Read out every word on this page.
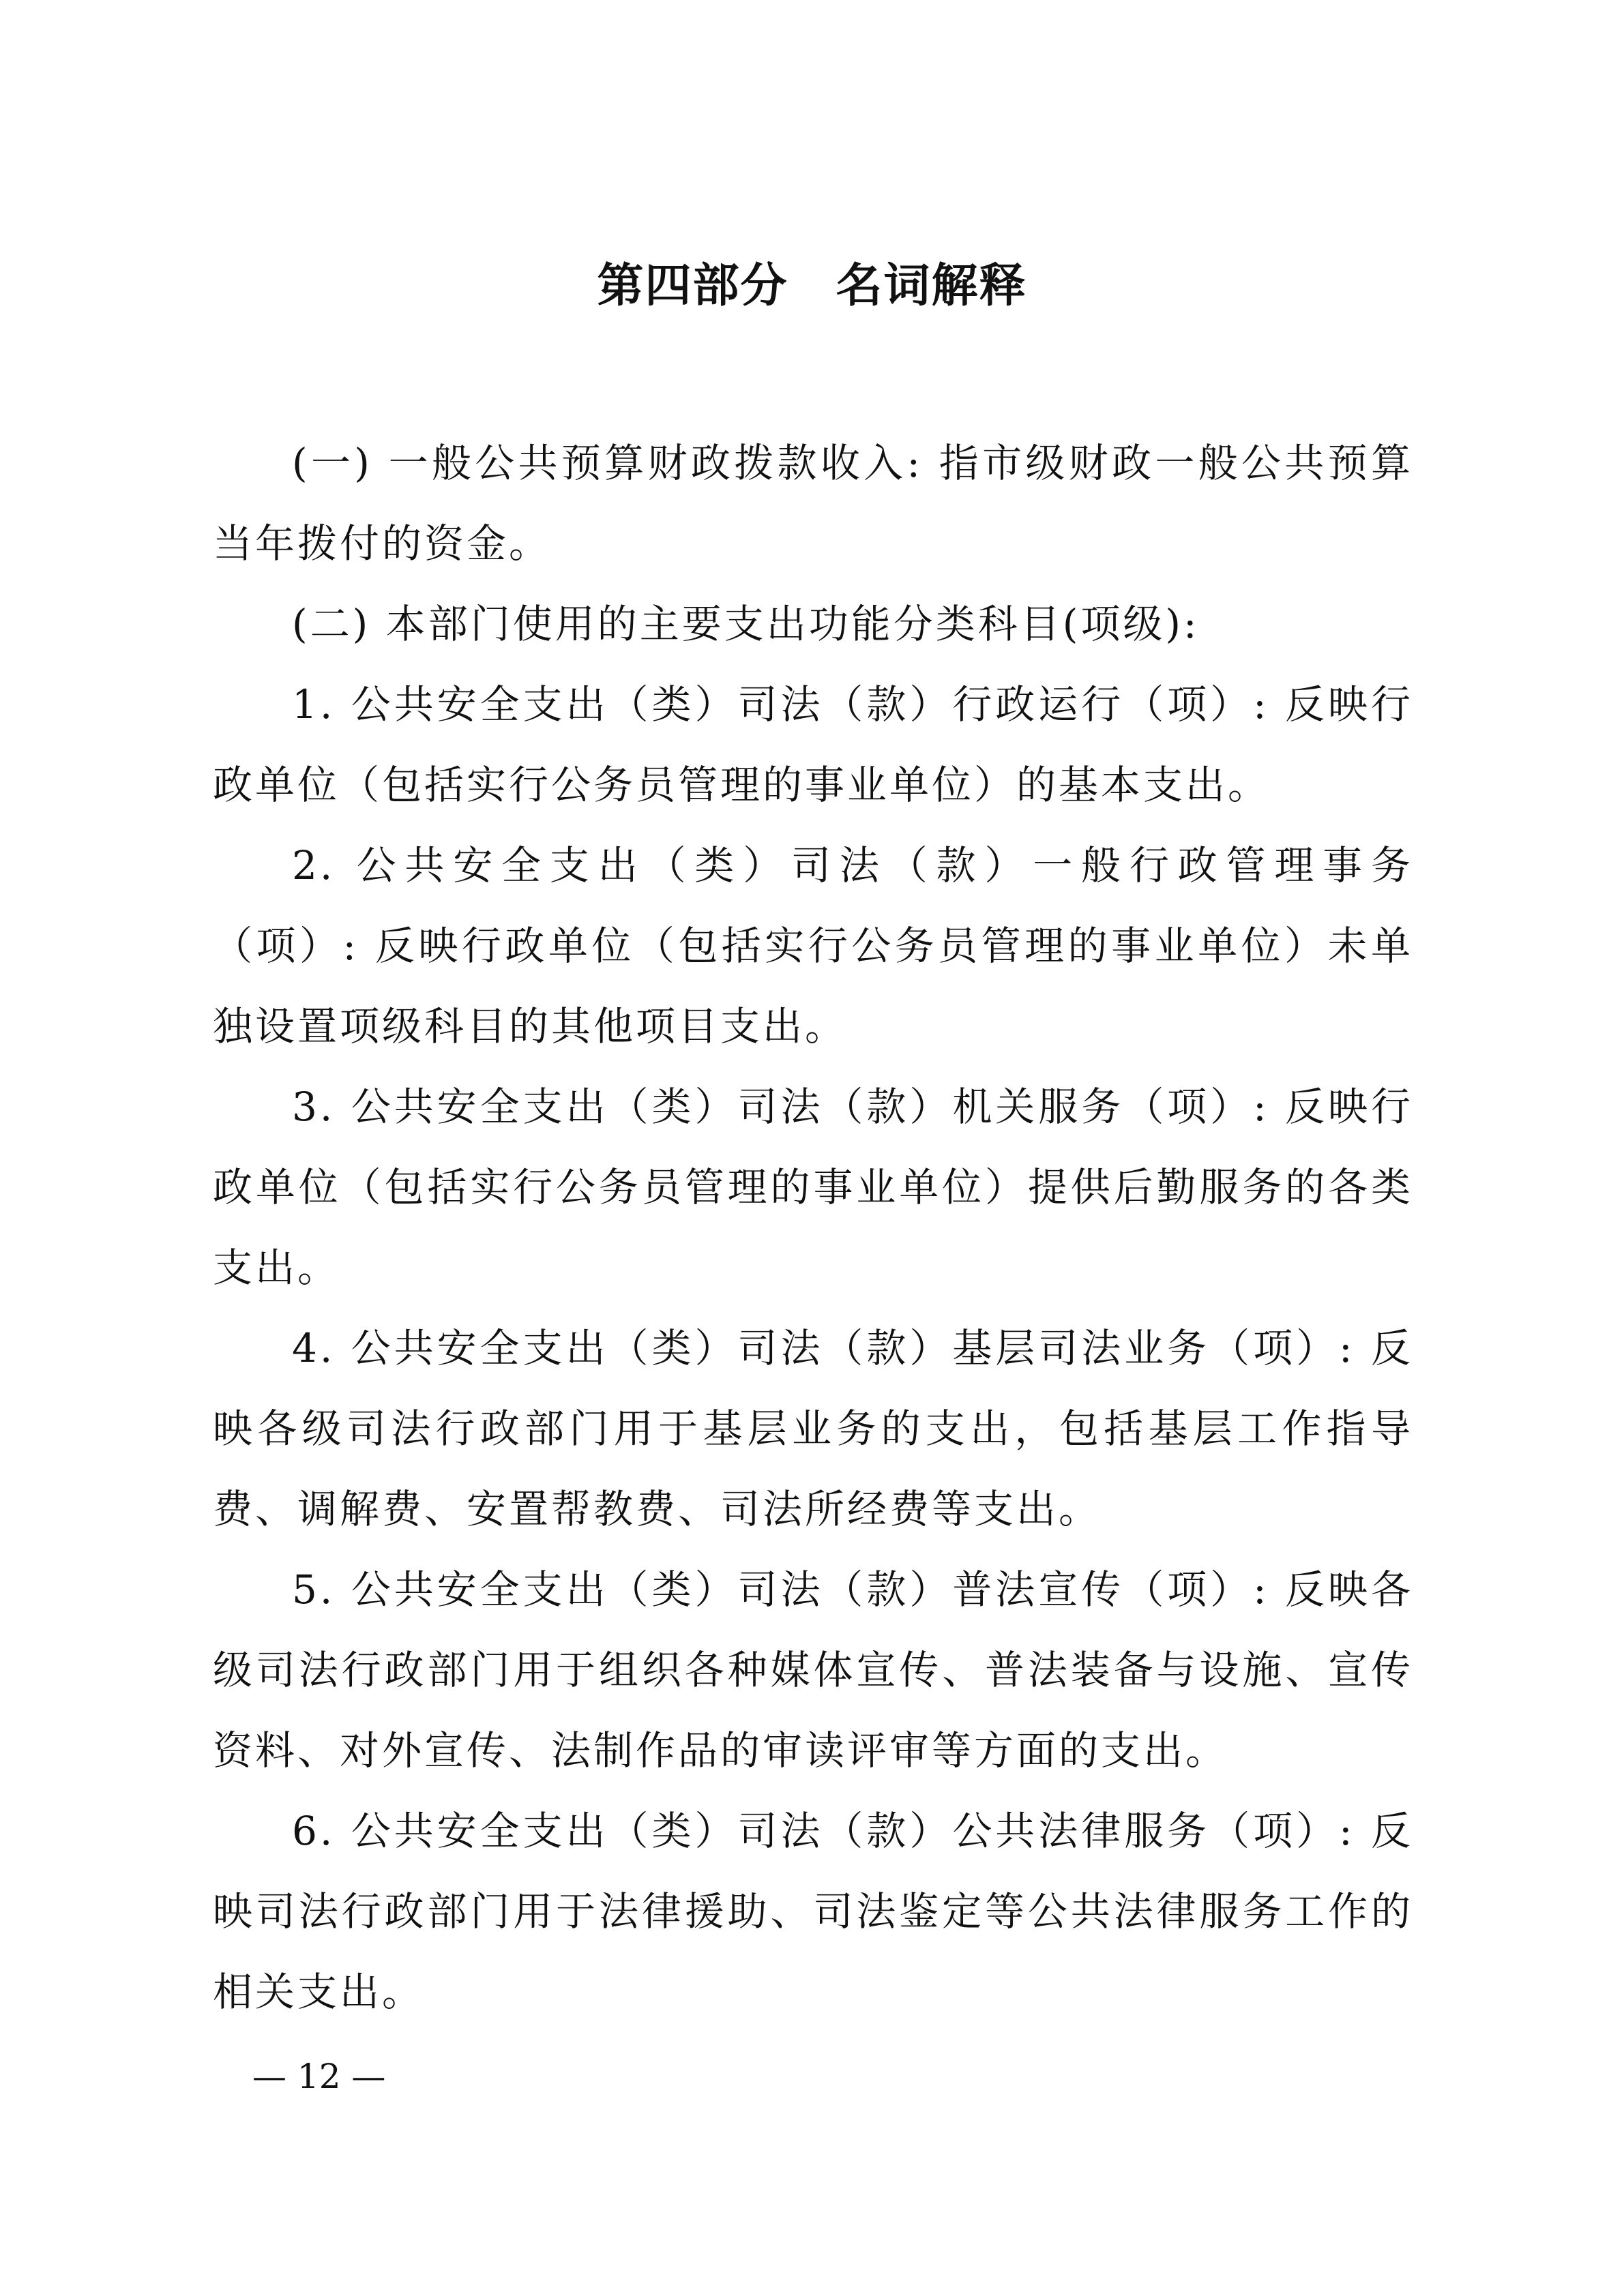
第四部分　名词解释

(一) 一般公共预算财政拨款收入: 指市级财政一般公共预算当年拨付的资金。

(二) 本部门使用的主要支出功能分类科目(项级):

1. 公共安全支出（类）司法（款）行政运行（项）: 反映行政单位（包括实行公务员管理的事业单位）的基本支出。

2. 公共安全支出（类）司法（款）一般行政管理事务（项）: 反映行政单位（包括实行公务员管理的事业单位）未单独设置项级科目的其他项目支出。

3. 公共安全支出（类）司法（款）机关服务（项）: 反映行政单位（包括实行公务员管理的事业单位）提供后勤服务的各类支出。

4. 公共安全支出（类）司法（款）基层司法业务（项）: 反映各级司法行政部门用于基层业务的支出，包括基层工作指导费、调解费、安置帮教费、司法所经费等支出。

5. 公共安全支出（类）司法（款）普法宣传（项）: 反映各级司法行政部门用于组织各种媒体宣传、普法装备与设施、宣传资料、对外宣传、法制作品的审读评审等方面的支出。

6. 公共安全支出（类）司法（款）公共法律服务（项）: 反映司法行政部门用于法律援助、司法鉴定等公共法律服务工作的相关支出。

— 12 —
